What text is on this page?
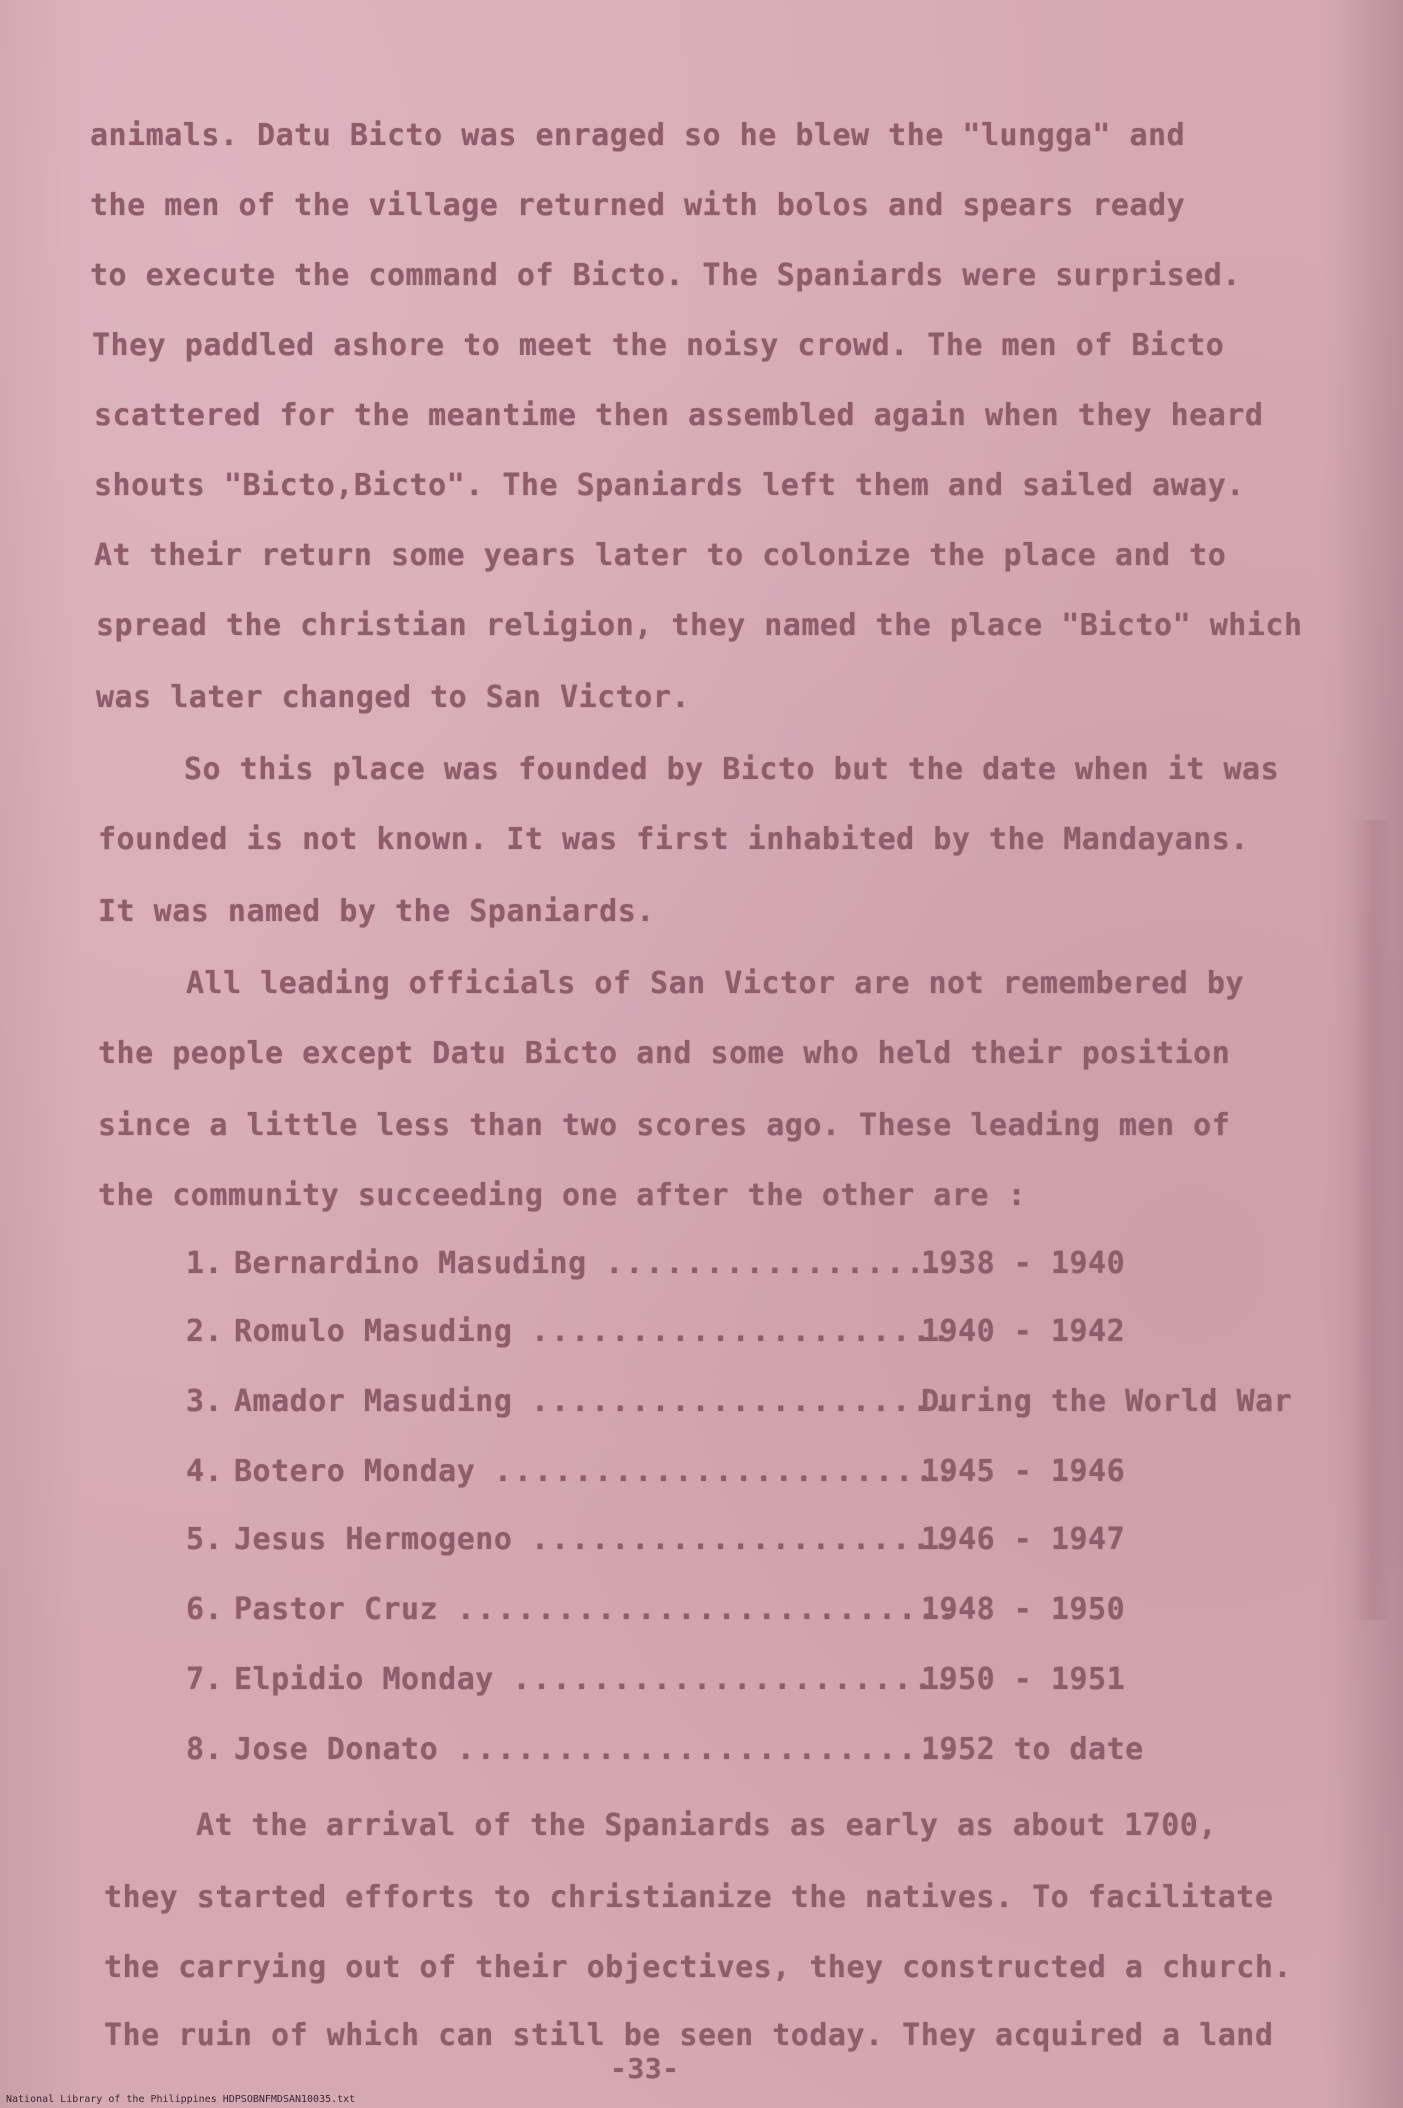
animals. Datu Bicto was enraged so he blew the "lungga" and
the men of the village returned with bolos and spears ready
to execute the command of Bicto. The Spaniards were surprised.
They paddled ashore to meet the noisy crowd. The men of Bicto
scattered for the meantime then assembled again when they heard
shouts "Bicto,Bicto". The Spaniards left them and sailed away.
At their return some years later to colonize the place and to
spread the christian religion, they named the place "Bicto" which
was later changed to San Victor.
So this place was founded by Bicto but the date when it was
founded is not known. It was first inhabited by the Mandayans.
It was named by the Spaniards.
All leading officials of San Victor are not remembered by
the people except Datu Bicto and some who held their position
since a little less than two scores ago. These leading men of
the community succeeding one after the other are :
1. Bernardino Masuding .................
1938 - 1940
2. Romulo Masuding .....................
1940 - 1942
3. Amador Masuding .....................
During the World War
4. Botero Monday .......................
1945 - 1946
5. Jesus Hermogeno .....................
1946 - 1947
6. Pastor Cruz .........................
1948 - 1950
7. Elpidio Monday ......................
1950 - 1951
8. Jose Donato .........................
1952 to date
At the arrival of the Spaniards as early as about 1700,
they started efforts to christianize the natives. To facilitate
the carrying out of their objectives, they constructed a church.
The ruin of which can still be seen today. They acquired a land
-33-
National Library of the Philippines HDPSOBNFMDSAN10035.txt
